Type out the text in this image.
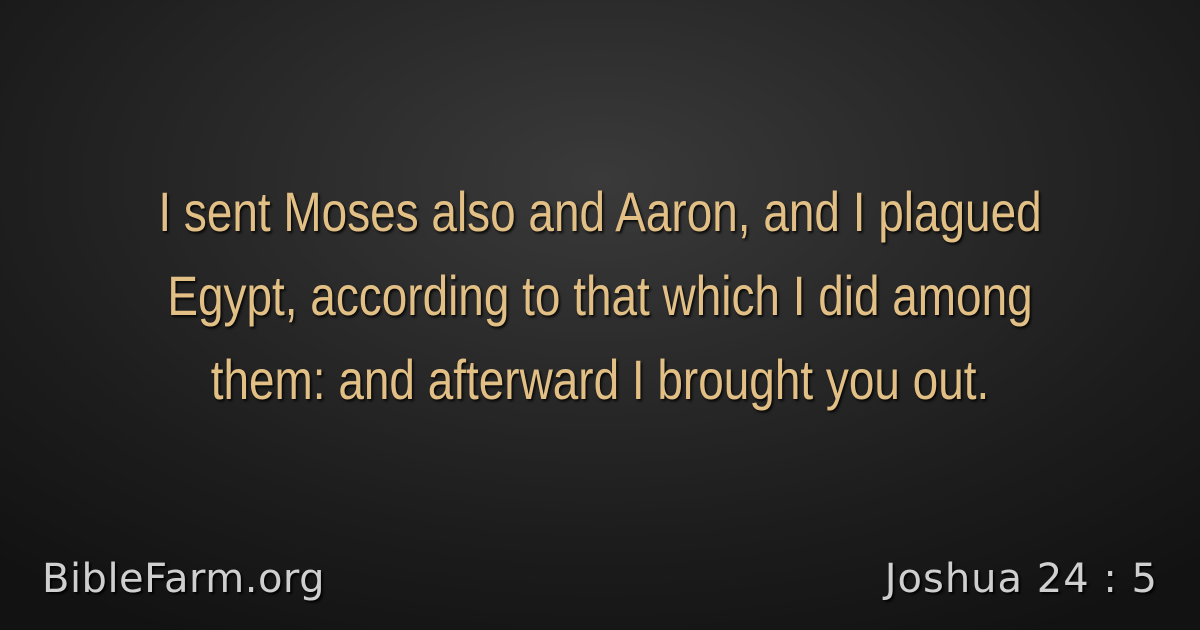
I sent Moses also and Aaron, and I plagued
Egypt, according to that which I did among
them: and afterward I brought you out.
BibleFarm.org	Joshua 24 : 5
